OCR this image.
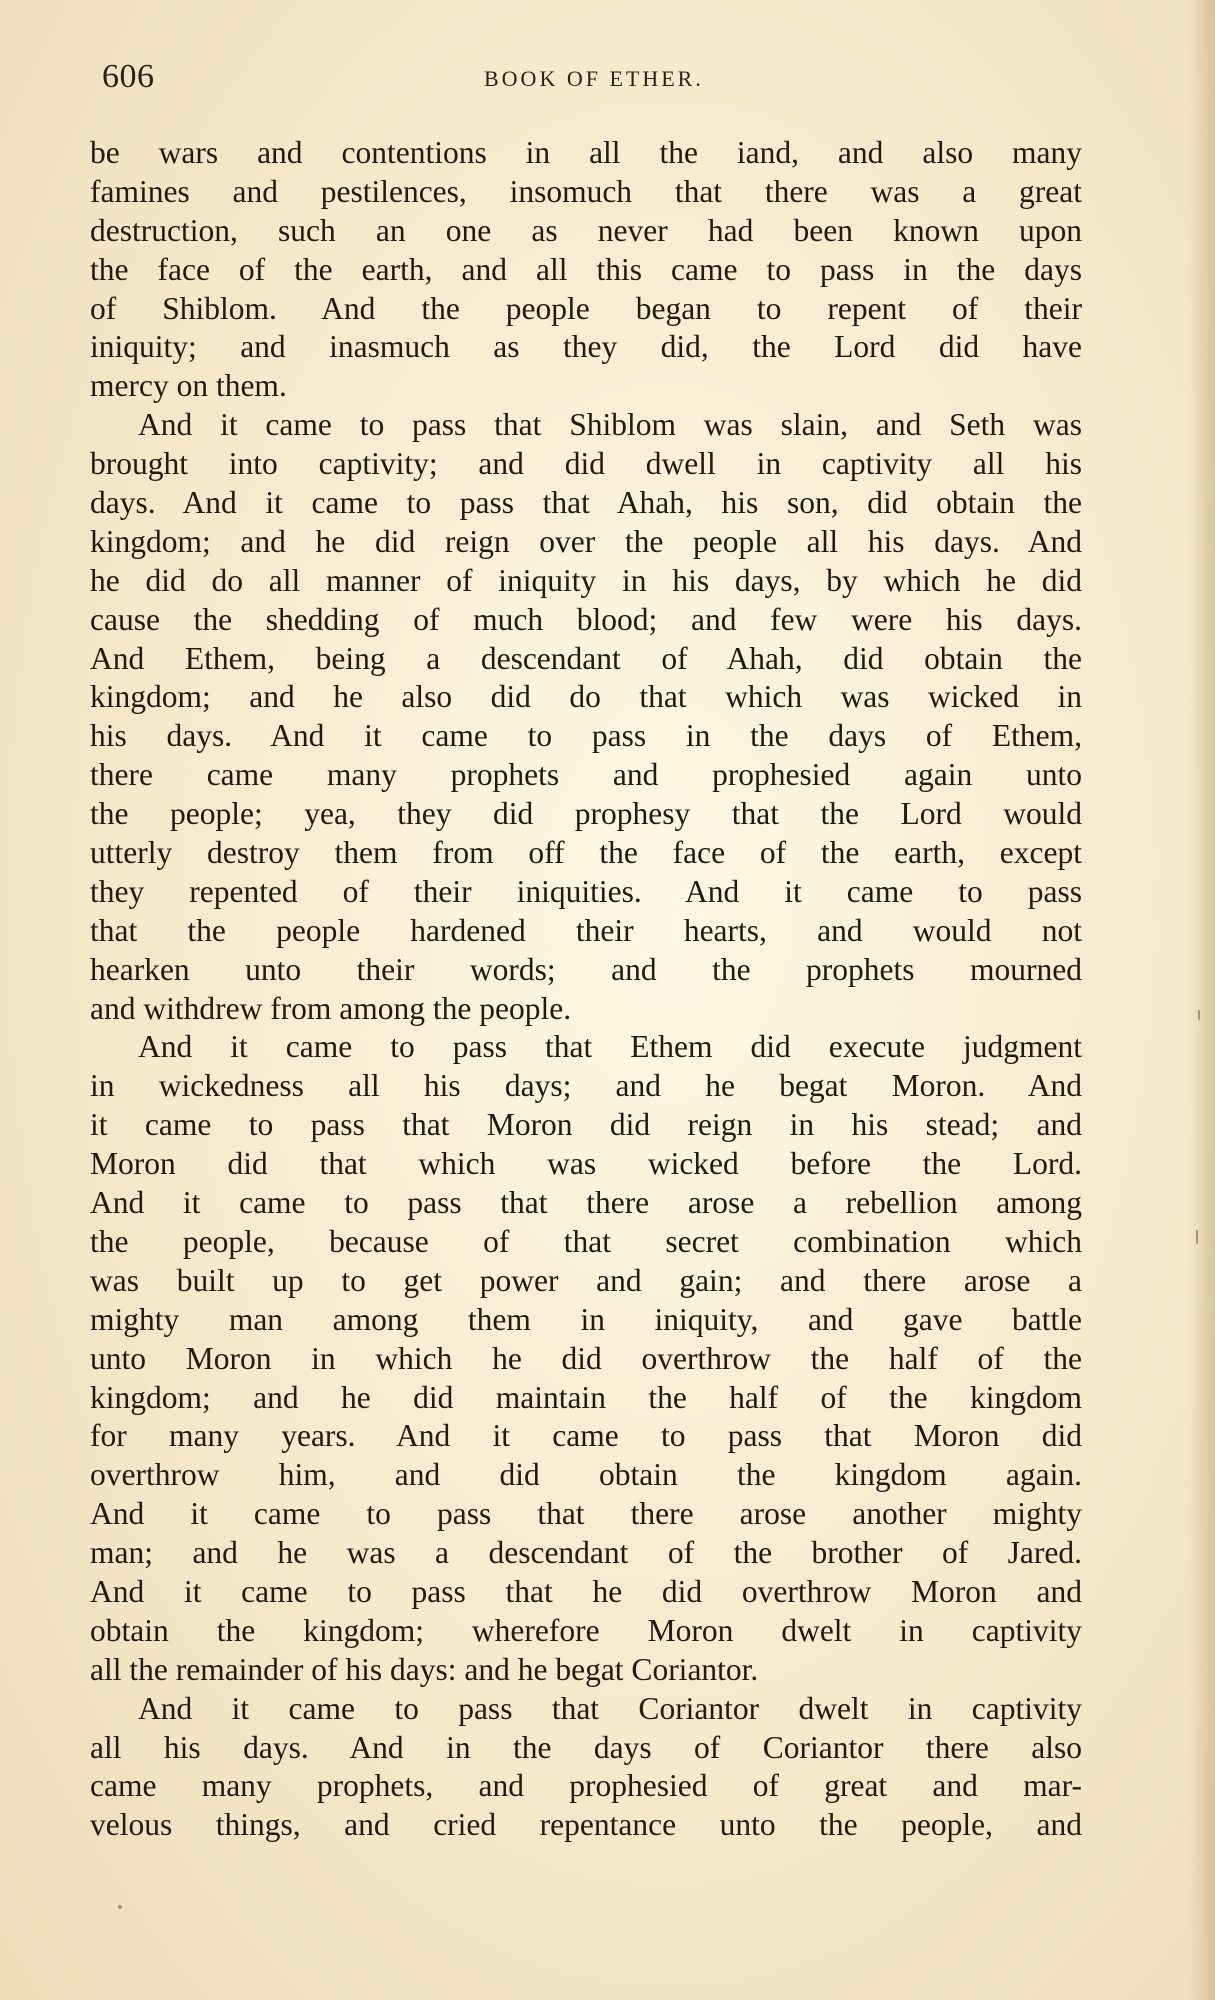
606	BOOK OF ETHER.
be wars and contentions in all the iand, and also many
famines and pestilences, insomuch that there was a great
destruction, such an one as never had been known upon
the face of the earth, and all this came to pass in the days
of Shiblom. And the people began to repent of their
iniquity; and inasmuch as they did, the Lord did have
mercy on them.
And it came to pass that Shiblom was slain, and Seth was
brought into captivity; and did dwell in captivity all his
days. And it came to pass that Ahah, his son, did obtain the
kingdom; and he did reign over the people all his days. And
he did do all manner of iniquity in his days, by which he did
cause the shedding of much blood; and few were his days.
And Ethem, being a descendant of Ahah, did obtain the
kingdom; and he also did do that which was wicked in
his days. And it came to pass in the days of Ethem,
there came many prophets and prophesied again unto
the people; yea, they did prophesy that the Lord would
utterly destroy them from off the face of the earth, except
they repented of their iniquities. And it came to pass
that the people hardened their hearts, and would not
hearken unto their words; and the prophets mourned
and withdrew from among the people.
And it came to pass that Ethem did execute judgment
in wickedness all his days; and he begat Moron. And
it came to pass that Moron did reign in his stead; and
Moron did that which was wicked before the Lord.
And it came to pass that there arose a rebellion among
the people, because of that secret combination which
was built up to get power and gain; and there arose a
mighty man among them in iniquity, and gave battle
unto Moron in which he did overthrow the half of the
kingdom; and he did maintain the half of the kingdom
for many years. And it came to pass that Moron did
overthrow him, and did obtain the kingdom again.
And it came to pass that there arose another mighty
man; and he was a descendant of the brother of Jared.
And it came to pass that he did overthrow Moron and
obtain the kingdom; wherefore Moron dwelt in captivity
all the remainder of his days: and he begat Coriantor.
And it came to pass that Coriantor dwelt in captivity
all his days. And in the days of Coriantor there also
came many prophets, and prophesied of great and mar-
velous things, and cried repentance unto the people, and
